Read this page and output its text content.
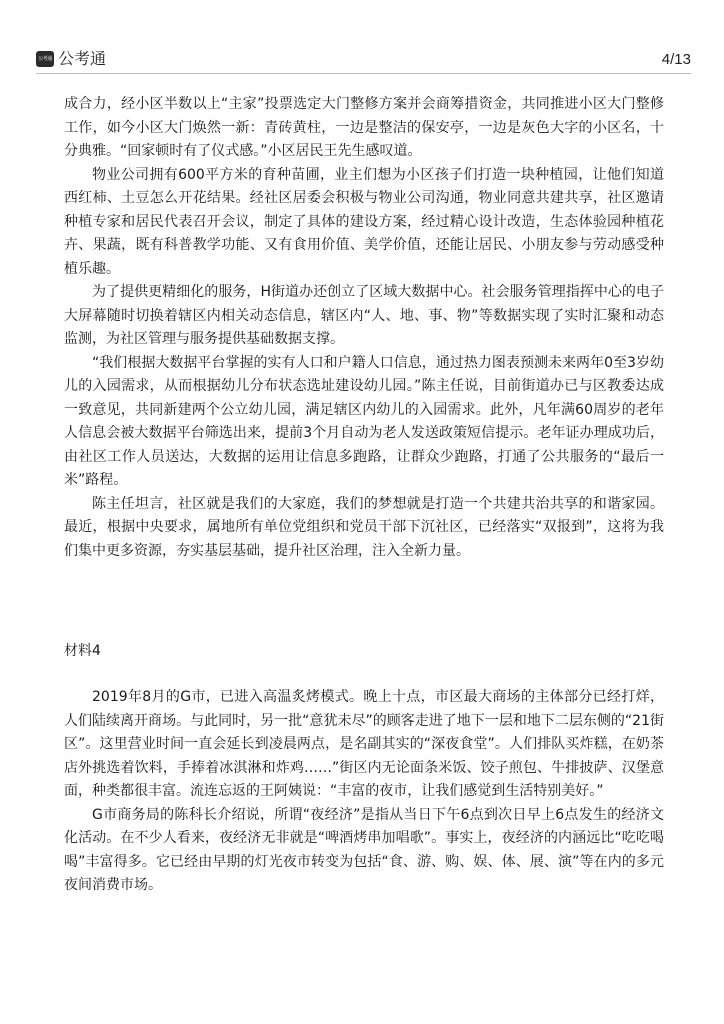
公考通 公考通	4/13

成合力，经小区半数以上“主家”投票选定大门整修方案并会商筹措资金，共同推进小区大门整修工作，如今小区大门焕然一新：青砖黄柱，一边是整洁的保安亭，一边是灰色大字的小区名，十分典雅。“回家顿时有了仪式感。”小区居民王先生感叹道。

物业公司拥有600平方米的育种苗圃，业主们想为小区孩子们打造一块种植园，让他们知道西红柿、土豆怎么开花结果。经社区居委会积极与物业公司沟通，物业同意共建共享，社区邀请种植专家和居民代表召开会议，制定了具体的建设方案，经过精心设计改造，生态体验园种植花卉、果蔬，既有科普教学功能、又有食用价值、美学价值，还能让居民、小朋友参与劳动感受种植乐趣。

为了提供更精细化的服务，H街道办还创立了区域大数据中心。社会服务管理指挥中心的电子大屏幕随时切换着辖区内相关动态信息，辖区内“人、地、事、物”等数据实现了实时汇聚和动态监测，为社区管理与服务提供基础数据支撑。

“我们根据大数据平台掌握的实有人口和户籍人口信息，通过热力图表预测未来两年0至3岁幼儿的入园需求，从而根据幼儿分布状态选址建设幼儿园。”陈主任说，目前街道办已与区教委达成一致意见，共同新建两个公立幼儿园，满足辖区内幼儿的入园需求。此外，凡年满60周岁的老年人信息会被大数据平台筛选出来，提前3个月自动为老人发送政策短信提示。老年证办理成功后，由社区工作人员送达，大数据的运用让信息多跑路，让群众少跑路，打通了公共服务的“最后一米”路程。

陈主任坦言，社区就是我们的大家庭，我们的梦想就是打造一个共建共治共享的和谐家园。最近，根据中央要求，属地所有单位党组织和党员干部下沉社区，已经落实“双报到”，这将为我们集中更多资源，夯实基层基础，提升社区治理，注入全新力量。

材料4

2019年8月的G市，已进入高温炙烤模式。晚上十点，市区最大商场的主体部分已经打烊，人们陆续离开商场。与此同时，另一批“意犹未尽”的顾客走进了地下一层和地下二层东侧的“21街区”。这里营业时间一直会延长到凌晨两点，是名副其实的“深夜食堂”。人们排队买炸糕，在奶茶店外挑选着饮料，手捧着冰淇淋和炸鸡……”街区内无论面条米饭、饺子煎包、牛排披萨、汉堡意面，种类都很丰富。流连忘返的王阿姨说：“丰富的夜市，让我们感觉到生活特别美好。”

G市商务局的陈科长介绍说，所谓“夜经济”是指从当日下午6点到次日早上6点发生的经济文化活动。在不少人看来，夜经济无非就是“啤酒烤串加唱歌”。事实上，夜经济的内涵远比“吃吃喝喝”丰富得多。它已经由早期的灯光夜市转变为包括“食、游、购、娱、体、展、演”等在内的多元夜间消费市场。
